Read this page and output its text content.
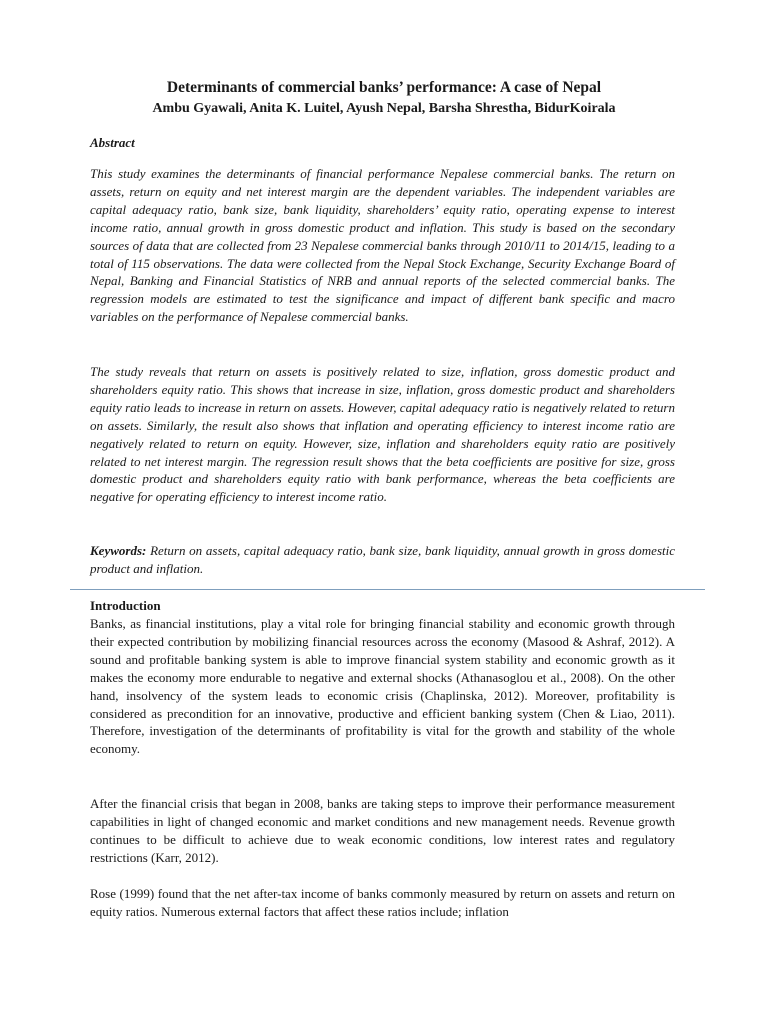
Determinants of commercial banks’ performance: A case of Nepal

Ambu Gyawali, Anita K. Luitel, Ayush Nepal, Barsha Shrestha, BidurKoirala

Abstract

This study examines the determinants of financial performance Nepalese commercial banks. The return on assets, return on equity and net interest margin are the dependent variables. The independent variables are capital adequacy ratio, bank size, bank liquidity, shareholders’ equity ratio, operating expense to interest income ratio, annual growth in gross domestic product and inflation. This study is based on the secondary sources of data that are collected from 23 Nepalese commercial banks through 2010/11 to 2014/15, leading to a total of 115 observations. The data were collected from the Nepal Stock Exchange, Security Exchange Board of Nepal, Banking and Financial Statistics of NRB and annual reports of the selected commercial banks. The regression models are estimated to test the significance and impact of different bank specific and macro variables on the performance of Nepalese commercial banks.

The study reveals that return on assets is positively related to size, inflation, gross domestic product and shareholders equity ratio. This shows that increase in size, inflation, gross domestic product and shareholders equity ratio leads to increase in return on assets. However, capital adequacy ratio is negatively related to return on assets. Similarly, the result also shows that inflation and operating efficiency to interest income ratio are negatively related to return on equity. However, size, inflation and shareholders equity ratio are positively related to net interest margin. The regression result shows that the beta coefficients are positive for size, gross domestic product and shareholders equity ratio with bank performance, whereas the beta coefficients are negative for operating efficiency to interest income ratio.

Keywords: Return on assets, capital adequacy ratio, bank size, bank liquidity, annual growth in gross domestic product and inflation.

Introduction

Banks, as financial institutions, play a vital role for bringing financial stability and economic growth through their expected contribution by mobilizing financial resources across the economy (Masood & Ashraf, 2012). A sound and profitable banking system is able to improve financial system stability and economic growth as it makes the economy more endurable to negative and external shocks (Athanasoglou et al., 2008). On the other hand, insolvency of the system leads to economic crisis (Chaplinska, 2012). Moreover, profitability is considered as precondition for an innovative, productive and efficient banking system (Chen & Liao, 2011). Therefore, investigation of the determinants of profitability is vital for the growth and stability of the whole economy.

After the financial crisis that began in 2008, banks are taking steps to improve their performance measurement capabilities in light of changed economic and market conditions and new management needs. Revenue growth continues to be difficult to achieve due to weak economic conditions, low interest rates and regulatory restrictions (Karr, 2012).

Rose (1999) found that the net after-tax income of banks commonly measured by return on assets and return on equity ratios. Numerous external factors that affect these ratios include; inflation
